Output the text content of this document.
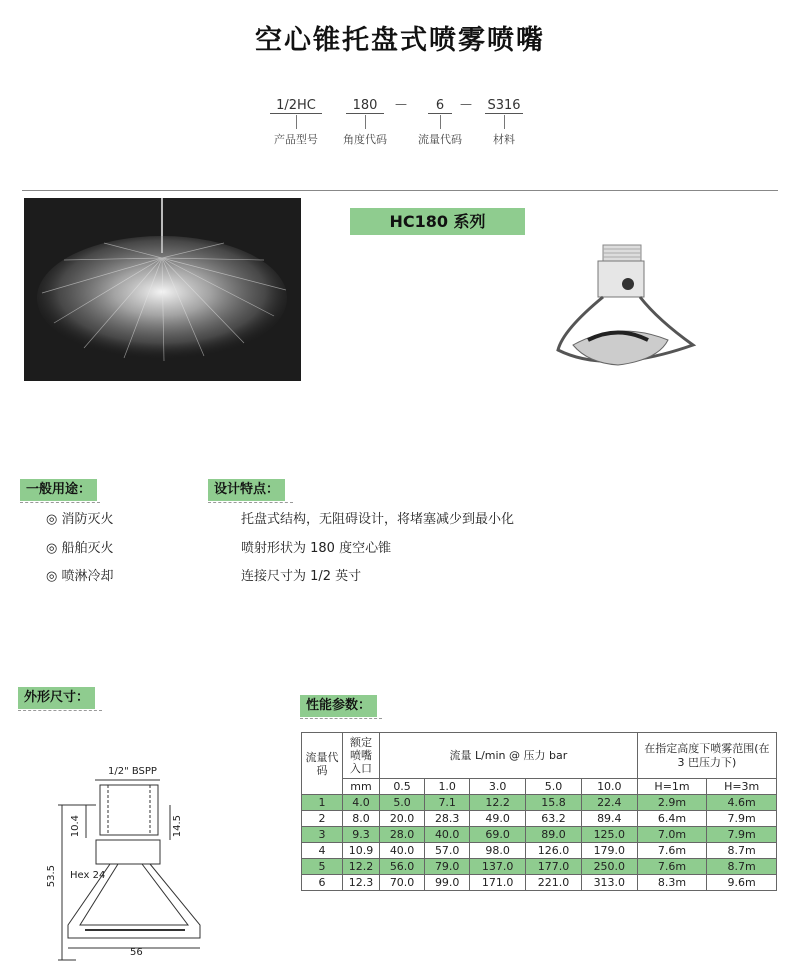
空心锥托盘式喷雾喷嘴
1/2HC	180	—	6	— S316
产品型号	角度代码	流量代码	材料
HC180 系列
一般用途：
◎ 消防灭火
◎ 船舶灭火
◎ 喷淋冷却
设计特点：
托盘式结构，无阻碍设计，将堵塞减少到最小化
喷射形状为 180 度空心锥
连接尺寸为 1/2 英寸
外形尺寸：
1/2" BSPP
10.4	14.5
53.5 Hex 24
56
性能参数：
流量代码	额定喷嘴入口	流量 L/min @ 压力 bar					在指定高度下喷雾范围(在 3 巴压力下)	
	mm	0.5	1.0	3.0	5.0	10.0	H=1m	H=3m
1	4.0	5.0	7.1	12.2	15.8	22.4	2.9m	4.6m
2	8.0	20.0	28.3	49.0	63.2	89.4	6.4m	7.9m
3	9.3	28.0	40.0	69.0	89.0	125.0	7.0m	7.9m
4	10.9	40.0	57.0	98.0	126.0	179.0	7.6m	8.7m
5	12.2	56.0	79.0	137.0	177.0	250.0	7.6m	8.7m
6	12.3	70.0	99.0	171.0	221.0	313.0	8.3m	9.6m
